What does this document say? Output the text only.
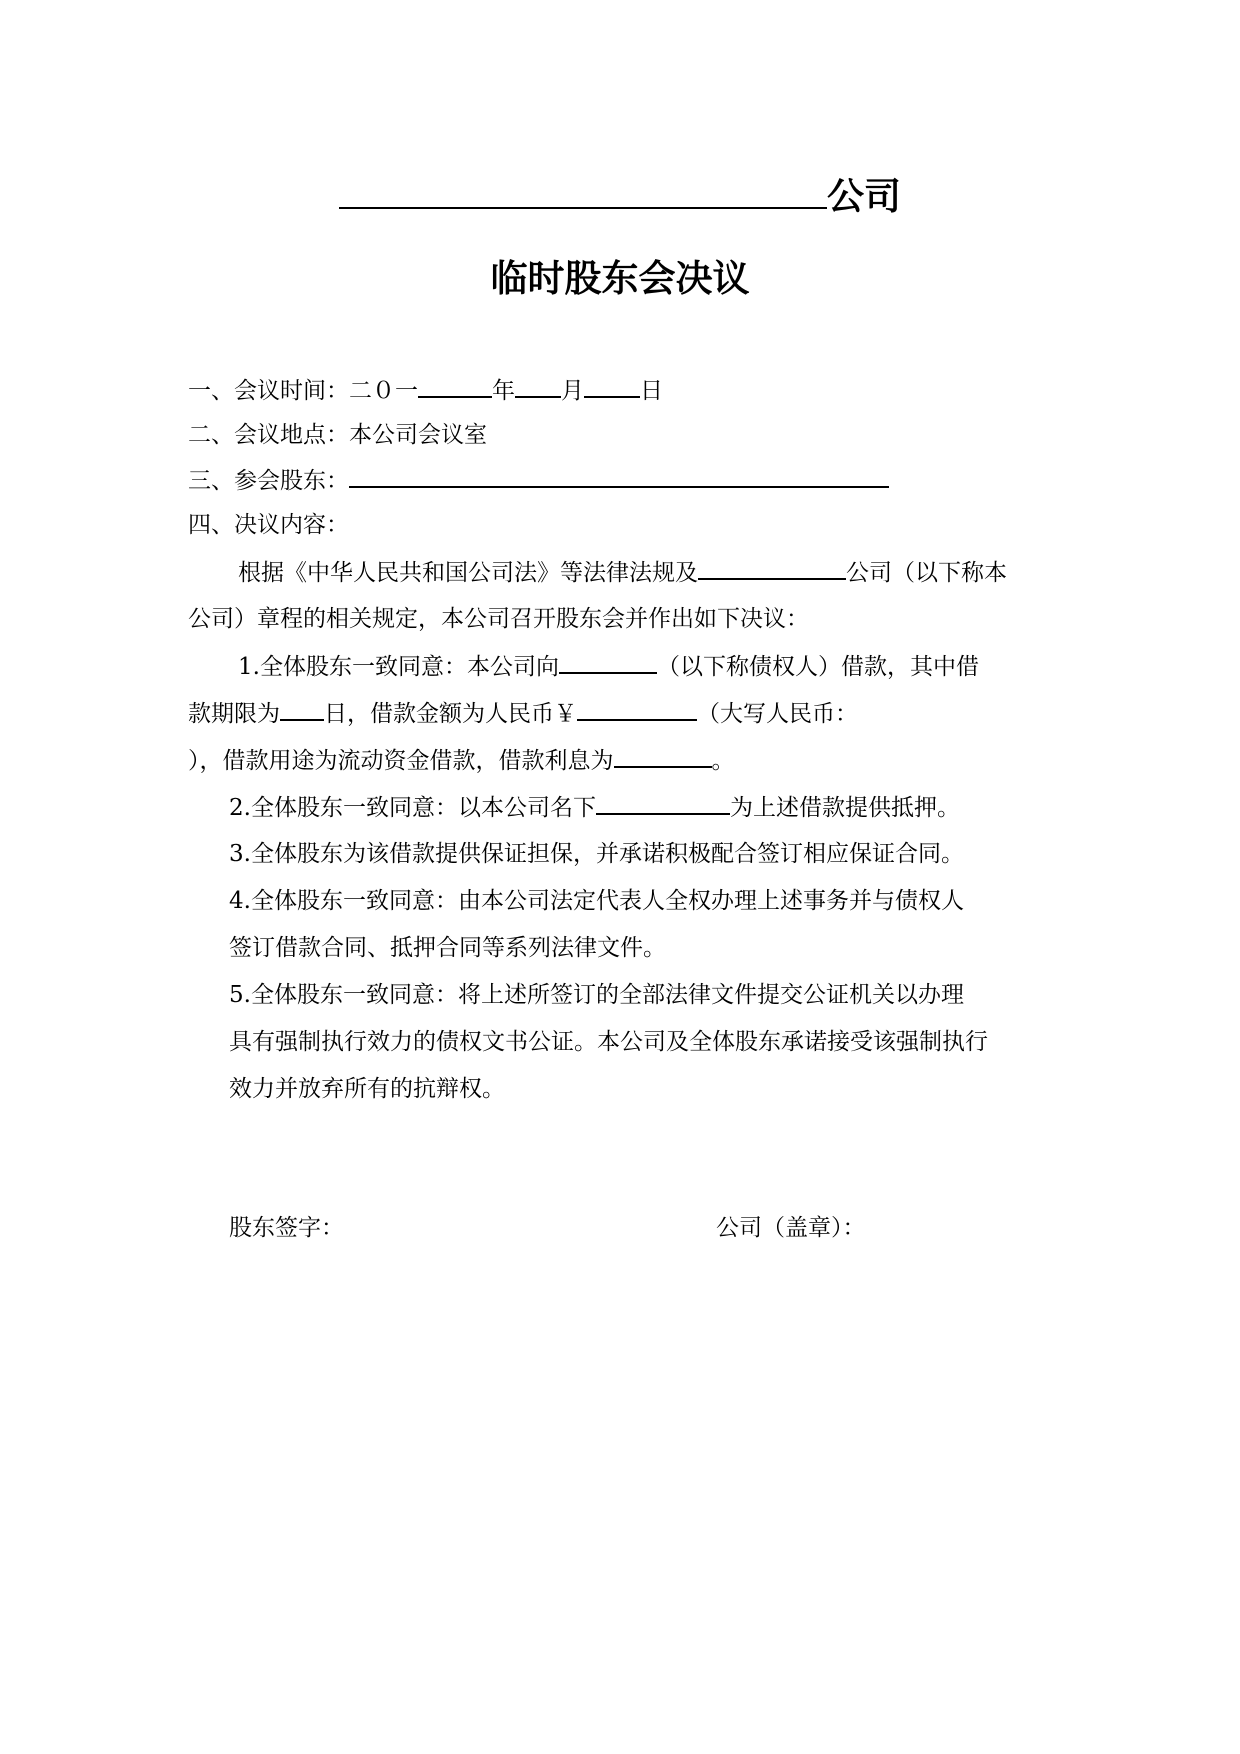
公司
临时股东会决议
一、会议时间：二０一	年 月 日
二、会议地点：本公司会议室
三、参会股东：
四、决议内容：
根据《中华人民共和国公司法》等法律法规及	公司（以下称本
公司）章程的相关规定，本公司召开股东会并作出如下决议：
1.全体股东一致同意：本公司向	（以下称债权人）借款，其中借
款期限为 日，借款金额为人民币￥	（大写人民币：
），借款用途为流动资金借款，借款利息为	。
2.全体股东一致同意：以本公司名下	为上述借款提供抵押。
3.全体股东为该借款提供保证担保，并承诺积极配合签订相应保证合同。
4.全体股东一致同意：由本公司法定代表人全权办理上述事务并与债权人
签订借款合同、抵押合同等系列法律文件。
5.全体股东一致同意：将上述所签订的全部法律文件提交公证机关以办理
具有强制执行效力的债权文书公证。本公司及全体股东承诺接受该强制执行
效力并放弃所有的抗辩权。
股东签字：	公司（盖章）：
